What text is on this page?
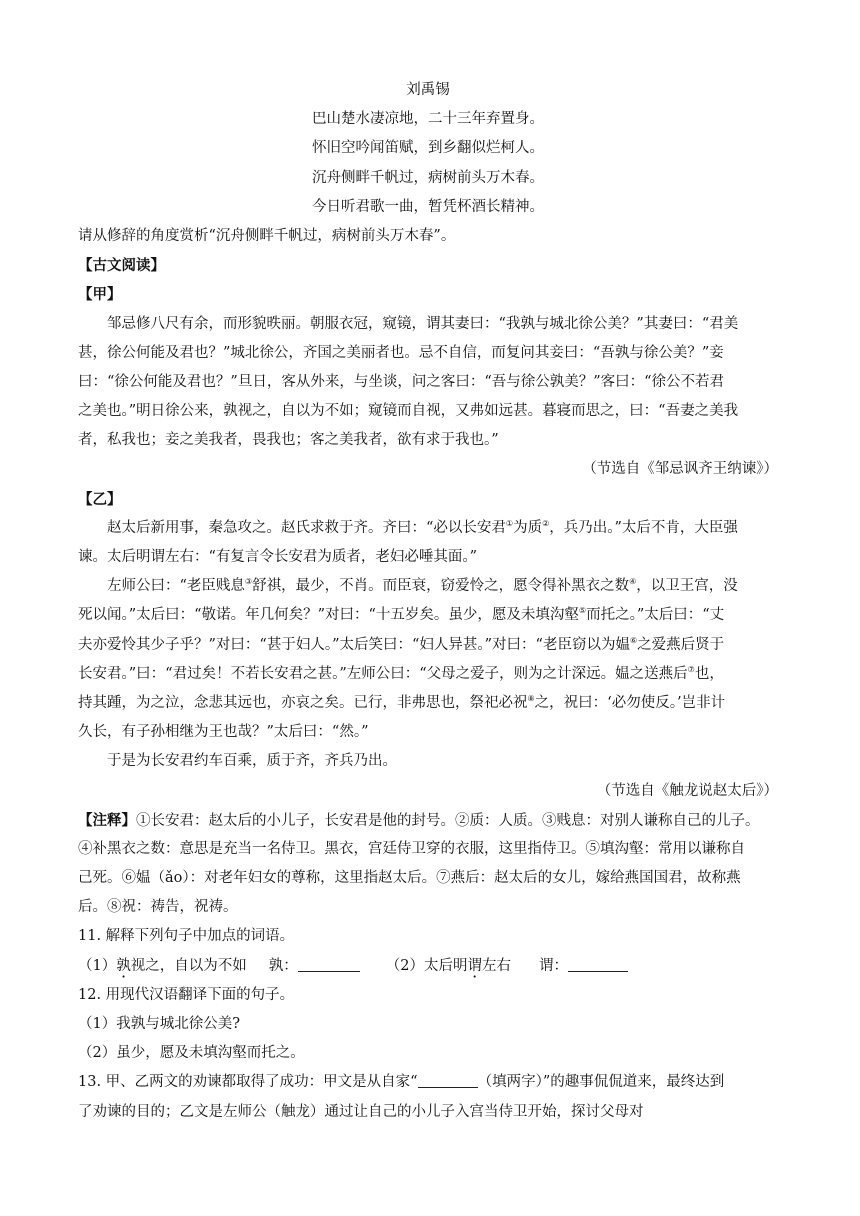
刘禹锡
巴山楚水凄凉地，二十三年弃置身。
怀旧空吟闻笛赋，到乡翻似烂柯人。
沉舟侧畔千帆过，病树前头万木春。
今日听君歌一曲，暂凭杯酒长精神。
请从修辞的角度赏析“沉舟侧畔千帆过，病树前头万木春”。
【古文阅读】
【甲】
邹忌修八尺有余，而形貌昳丽。朝服衣冠，窥镜，谓其妻曰：“我孰与城北徐公美？”其妻曰：“君美
甚，徐公何能及君也？”城北徐公，齐国之美丽者也。忌不自信，而复问其妾曰：“吾孰与徐公美？”妾
曰：“徐公何能及君也？”旦日，客从外来，与坐谈，问之客曰：“吾与徐公孰美？”客曰：“徐公不若君
之美也。”明日徐公来，孰视之，自以为不如；窥镜而自视，又弗如远甚。暮寝而思之，曰：“吾妻之美我
者，私我也；妾之美我者，畏我也；客之美我者，欲有求于我也。”
（节选自《邹忌讽齐王纳谏》）
【乙】
赵太后新用事，秦急攻之。赵氏求救于齐。齐曰：“必以长安君①为质②，兵乃出。”太后不肯，大臣强
谏。太后明谓左右：“有复言令长安君为质者，老妇必唾其面。”
左师公曰：“老臣贱息③舒祺，最少，不肖。而臣衰，窃爱怜之，愿令得补黑衣之数④，以卫王宫，没
死以闻。”太后曰：“敬诺。年几何矣？”对曰：“十五岁矣。虽少，愿及未填沟壑⑤而托之。”太后曰：“丈
夫亦爱怜其少子乎？”对曰：“甚于妇人。”太后笑曰：“妇人异甚。”对曰：“老臣窃以为媪⑥之爱燕后贤于
长安君。”曰：“君过矣！不若长安君之甚。”左师公曰：“父母之爱子，则为之计深远。媪之送燕后⑦也，
持其踵，为之泣，念悲其远也，亦哀之矣。已行，非弗思也，祭祀必祝⑧之，祝曰：‘必勿使反。’岂非计
久长，有子孙相继为王也哉？”太后曰：“然。”
于是为长安君约车百乘，质于齐，齐兵乃出。
（节选自《触龙说赵太后》）
【注释】①长安君：赵太后的小儿子，长安君是他的封号。②质：人质。③贱息：对别人谦称自己的儿子。
④补黑衣之数：意思是充当一名侍卫。黑衣，宫廷侍卫穿的衣服，这里指侍卫。⑤填沟壑：常用以谦称自
己死。⑥媪（ǎo）：对老年妇女的尊称，这里指赵太后。⑦燕后：赵太后的女儿，嫁给燕国国君，故称燕
后。⑧祝：祷告，祝祷。
11. 解释下列句子中加点的词语。
（1）孰视之，自以为不如 孰：	（2）太后明谓左右 谓：
12. 用现代汉语翻译下面的句子。
（1）我孰与城北徐公美?
（2）虽少，愿及未填沟壑而托之。
13. 甲、乙两文的劝谏都取得了成功：甲文是从自家“	（填两字）”的趣事侃侃道来，最终达到
了劝谏的目的；乙文是左师公（触龙）通过让自己的小儿子入宫当侍卫开始，探讨父母对
